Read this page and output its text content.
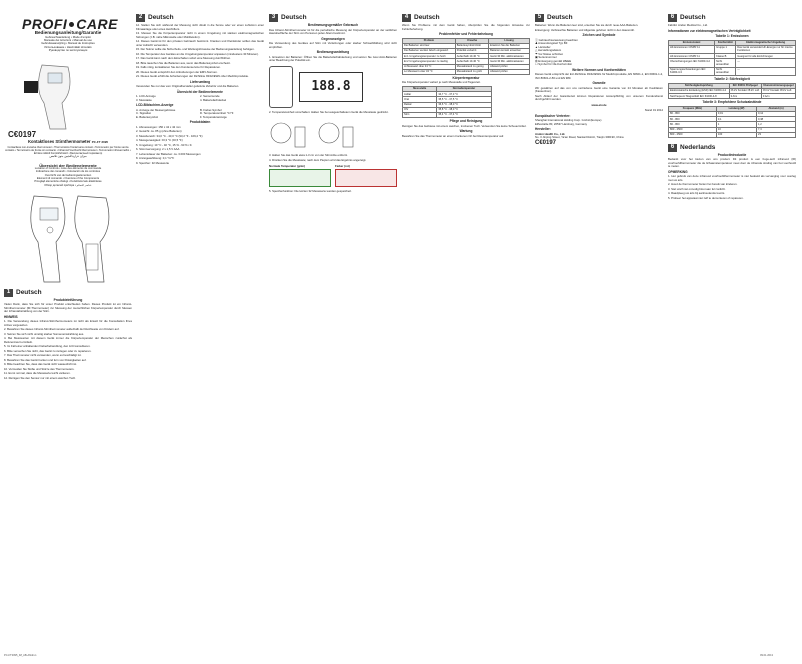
PROFI CARE
Bedienungsanleitung/Garantie
Gebrauchsanleitung • Mode d'emploi
Manuale dei istruzioni • Manual de uso
Gebruiksaanwijzing • Manual de Instruções
Использование • Használati útmutató
Руководство по эксплуатации
C€0197
Kontaktloses Stirnthermometer PC-FT 3095
Contactless non-invasive thermometer • Thermomètre frontal sans contact • Termometro per fronte senza contatto • Termómetro de frente sin contacto • Infrarood Voorhoofd thermometer • Termometro infravermelho • Érintés nélküli homlokhőmérő • Бесконтактный термометр
ميزان حرارة للجبين بدون تلامس
Übersicht der Bedienelemente
Location of Controls • Liste des éléments de commande
Indicazione dei comandi • Colocación de los controles
Overzicht van de bedieningselementen
Elementi di comando • Overview of the Components
Przegląd elementów obsługi • Kezelőszervek áttekintése
Обзор деталей прибора • عناصر التحكم
1 Deutsch
Produkteinführung
Vielen Dank, dass Sie sich für unser Produkt entschieden haben. Dieses Produkt ist ein Infrarot-Stirnthermometer (IR-Thermometer) zur Messung der menschlichen Körpertemperatur durch Messen der Infrarotabstrahlung von der Stirn.
HINWEIS
1. Die Verwendung dieses Infrarot-Stirnthermometers ist nicht als Ersatz für die Konsultation Ihres Arztes vorgesehen.
2. Bewahren Sie dieses Infrarot-Stirnthermometer außerhalb der Reichweite von Kindern auf.
3. Setzen Sie sich nicht unnötig starker Sonneneinstrahlung aus.
4. Bei Messwerten mit diesem Gerät immer die Körpertemperatur der Menschen zunächst als Referenzwert ermitteln.
5. Im Fall einer anhaltenden Fieberbehandlung, den Arzt konsultieren.
6. Bitte versuchen Sie nicht, das Gerät zu zerlegen oder zu reparieren.
7. Das Thermometer nicht verwenden, wenn es beschädigt ist.
8. Bewahren Sie das Gerät trocken und fern von Flüssigkeiten auf.
9. Bitte beachten Sie, dass das Gerät nicht wasserdicht ist.
10. Vermeiden Sie Stöße und Stürze des Thermometers.
11. Es ist normal, dass die Messwerte leicht variieren.
12. Reinigen Sie den Sensor nur mit einem weichen Tuch.
2 Deutsch
12. Stellen Sie sich während der Messung nicht direkt in die Sonne oder vor einen Luftstrom einer Klimaanlage oder eines Heizlüfters.
13. Messen Sie die Körpertemperatur nicht in einem Umgebung mit starken elektromagnetischen Störungen (z.B. nahe Mikrowelle oder Mobiltelefon).
14. Dieses Gerät ist für den privaten Gebrauch bestimmt. Kranken und Kleinkinder sollten das Gerät unter Aufsicht verwenden.
15. Der Nutzer sollte die Sicherheits- und Wartungshinweise der Bedienungsanleitung befolgen.
16. Die Temperatur des Gerätes an die Umgebungstemperatur anpassen (mindestens 30 Minuten).
17. Das Gerät kann nach dem Einschalten sofort eine Messung durchführen.
18. Bitte tauschen Sie die Batterien aus, wenn das Batteriesymbol erscheint.
19. Falls nötig, kontaktieren Sie den Kundenservice für Reparaturen.
20. Dieses Gerät entspricht den Anforderungen der EMV-Normen.
21. Dieses Gerät erfüllt die Anforderungen der Richtlinie 93/42/EWG über Medizinprodukte.
Lieferumfang
Verwenden Sie nur das vom Originalhersteller gelieferte Zubehör und die Batterien.
Übersicht der Bedienelemente
1. LCD-Anzeige	2. Sensorsonde
3. Messtaste	4. Batteriefachdeckel
LCD-Bildschirm-Anzeige
A. Anzeige der Messergebnisse	B. Fieber-Symbol
C. Signalton	D. Temperatureinheit °C/°F
E. Batteriesymbol	F. Temperaturanzeige
Produktdaten
1. Abmessungen: 150 x 42 x 42 mm
2. Gewicht: ca. 85 g (ohne Batterien)
3. Messbereich: 34,0 °C - 43,0 °C (93,2 °F - 109,4 °F)
4. Messgenauigkeit: ±0,3 °C (±0,5 °F)
5. Umgebung: 10 °C - 40 °C, 15 % - 93 % r.F.
6. Stromversorgung: 2 x 1,5 V AAA
7. Lebensdauer der Batterien: ca. 3.000 Messungen
8. Anzeigeauflösung: 0,1 °C/°F
9. Speicher: 32 Messwerte
3 Deutsch
Bestimmungsgemäßer Gebrauch
Das Infrarot-Stirnthermometer ist für die periodische Messung der Körpertemperatur an der seitlichen Hautoberfläche der Stirn von Personen jeden Alters bestimmt.
Gegenanzeigen
Die Verwendung des Gerätes auf Stirn mit Verletzungen oder starker Schweißbildung wird nicht empfohlen.
Bedienungsanleitung
1. Einsetzen der Batterien: Öffnen Sie die Batteriefachabdeckung und setzen Sie zwei AAA-Batterien unter Beachtung der Polarität ein.
188.8
2. Temperatureinheit umschalten: Halten Sie bei ausgeschaltetem Gerät die Messtaste gedrückt.
3. Halten Sie das Gerät etwa 1-3 cm von der Stirnmitte entfernt.
4. Drücken Sie die Messtaste; nach dem Piepton wird das Ergebnis angezeigt.
Normale Temperatur (grün)	Fieber (rot)
5. Speicherfunktion: Die letzten 32 Messwerte werden gespeichert.
4 Deutsch
Wenn Sie Probleme mit dem Gerät haben, überprüfen Sie die folgenden Hinweise zur Fehlerbehebung.
Problemfehler und Fehlerbehebung
Problem	Ursache	Lösung
Die Batterien sind leer	Batteriesymbol blinkt	Ersetzen Sie die Batterien
Die Batterien wurden falsch eingesetzt	Polarität verkehrt	Batterien korrekt einsetzen
Er.1 Umgebungstemperatur zu hoch	Außerhalb 10-40 °C	Gerät 30 Min. akklimatisieren
Er.2 Umgebungstemperatur zu niedrig	Außerhalb 10-40 °C	Gerät 30 Min. akklimatisieren
Hi Messwert über 43 °C	Messabstand zu gering	Abstand prüfen
Lo Messwert unter 34 °C	Messabstand zu groß	Abstand prüfen
Körpertemperatur
Die Körpertemperatur variiert je nach Messstelle und Tageszeit.
Messstelle	Normaltemperatur
Axillar	34,7 °C - 37,3 °C
Oral	35,5 °C - 37,5 °C
Rektal	36,6 °C - 38,0 °C
Ohr	35,8 °C - 38,0 °C
Stirn	35,4 °C - 37,4 °C
Pflege und Reinigung
Reinigen Sie das Gehäuse mit einem weichen, trockenen Tuch. Verwenden Sie keine Scheuermittel.
Wartung
Bewahren Sie das Thermometer an einem trockenen Ort bei Raumtemperatur auf.
5 Deutsch
Batterien: Wenn die Batterien leer sind, ersetzen Sie sie durch neue AAA-Batterien.
Entsorgung: Verbrauchte Batterien und Altgeräte gehören nicht in den Hausmüll.
Zeichen und Symbole
ⓘ Gebrauchsanweisung beachten
♟ Anwendungsteil Typ BF
▲ Hersteller
△ Herstellungsdatum
☂ Vor Nässe schützen
▣ Seriennummer
♻ Entsorgung gemäß WEEE
☐ Symbol für CE-Konformität
Weitere Normen und Konformitäten
Dieses Gerät entspricht der EU-Richtlinie 93/42/EWG für Medizinprodukte, EN 60601-1, EN 60601-1-2, ISO 80601-2-56 und EN 980.
Garantie
Wir gewähren auf das von uns vertriebene Gerät eine Garantie von 24 Monaten ab Kaufdatum (Kassenbon).
Nach Ablauf der Garantiezeit können Reparaturen kostenpflichtig von unserem Kundendienst durchgeführt werden.
www.etv.de
Stand 01 2012
Europäischer Vertreter:
Shanghai International Holding Corp. GmbH (Europe)
Eiffestraße 80, 20537 Hamburg, Germany
Hersteller:
Andon Health Co., Ltd.
No. 3 Jinping Street, Ya'an Road, Nankai District, Tianjin 300190, China
C€0197
6 Deutsch
Fabrikt: Andon Medical Co., Ltd.
Informationen zur elektromagnetischen Verträglichkeit
Tabelle 1: Emissionen
Emissionstest	Konformität	Elektromagnetische Umgebung
HF-Emissionen CISPR 11	Gruppe 1	Das Gerät verwendet HF-Energie nur für interne Funktionen
HF-Emissionen CISPR 11	Klasse B	Geeignet für alle Einrichtungen
Oberschwingungen IEC 61000-3-2	Nicht anwendbar	—
Spannungsschwankungen IEC 61000-3-3	Nicht anwendbar	—
Tabelle 2: Störfestigkeit
Störfestigkeitsprüfung	IEC 60601 Prüfpegel	Übereinstimmungspegel
Elektrostatische Entladung (ESD) IEC 61000-4-2	±6 kV Kontakt ±8 kV Luft	±6 kV Kontakt ±8 kV Luft
Netzfrequenz Magnetfeld IEC 61000-4-8	3 A/m	3 A/m
Tabelle 3: Empfohlene Schutzabstände
Frequenz (MHz)	Leistung (W)	Abstand (m)
80 - 800	0,01	0,12
80 - 800	0,1	0,38
80 - 800	1	1,2
800 - 2500	10	7,3
800 - 2500	100	23
6 Nederlands
Productintroductie
Bedankt voor het kiezen van ons product. Dit product is een hoge-tech infrarood (IR) voorhoofdthermometer die de lichaamstemperatuur meet door de infrarode straling van het voorhoofd te meten.
OPMERKING
1. Het gebruik van deze infrarood voorhoofdthermometer is niet bedoeld als vervanging voor overleg met uw arts.
2. Houd de thermometer buiten het bereik van kinderen.
3. Stel uzelf niet onnodig bloot aan fel zonlicht.
4. Raadpleeg uw arts bij aanhoudende koorts.
5. Probeer het apparaat niet zelf te demonteren of repareren.
PC-FT3095_IM_AB-ANdrun	09.01.2013
